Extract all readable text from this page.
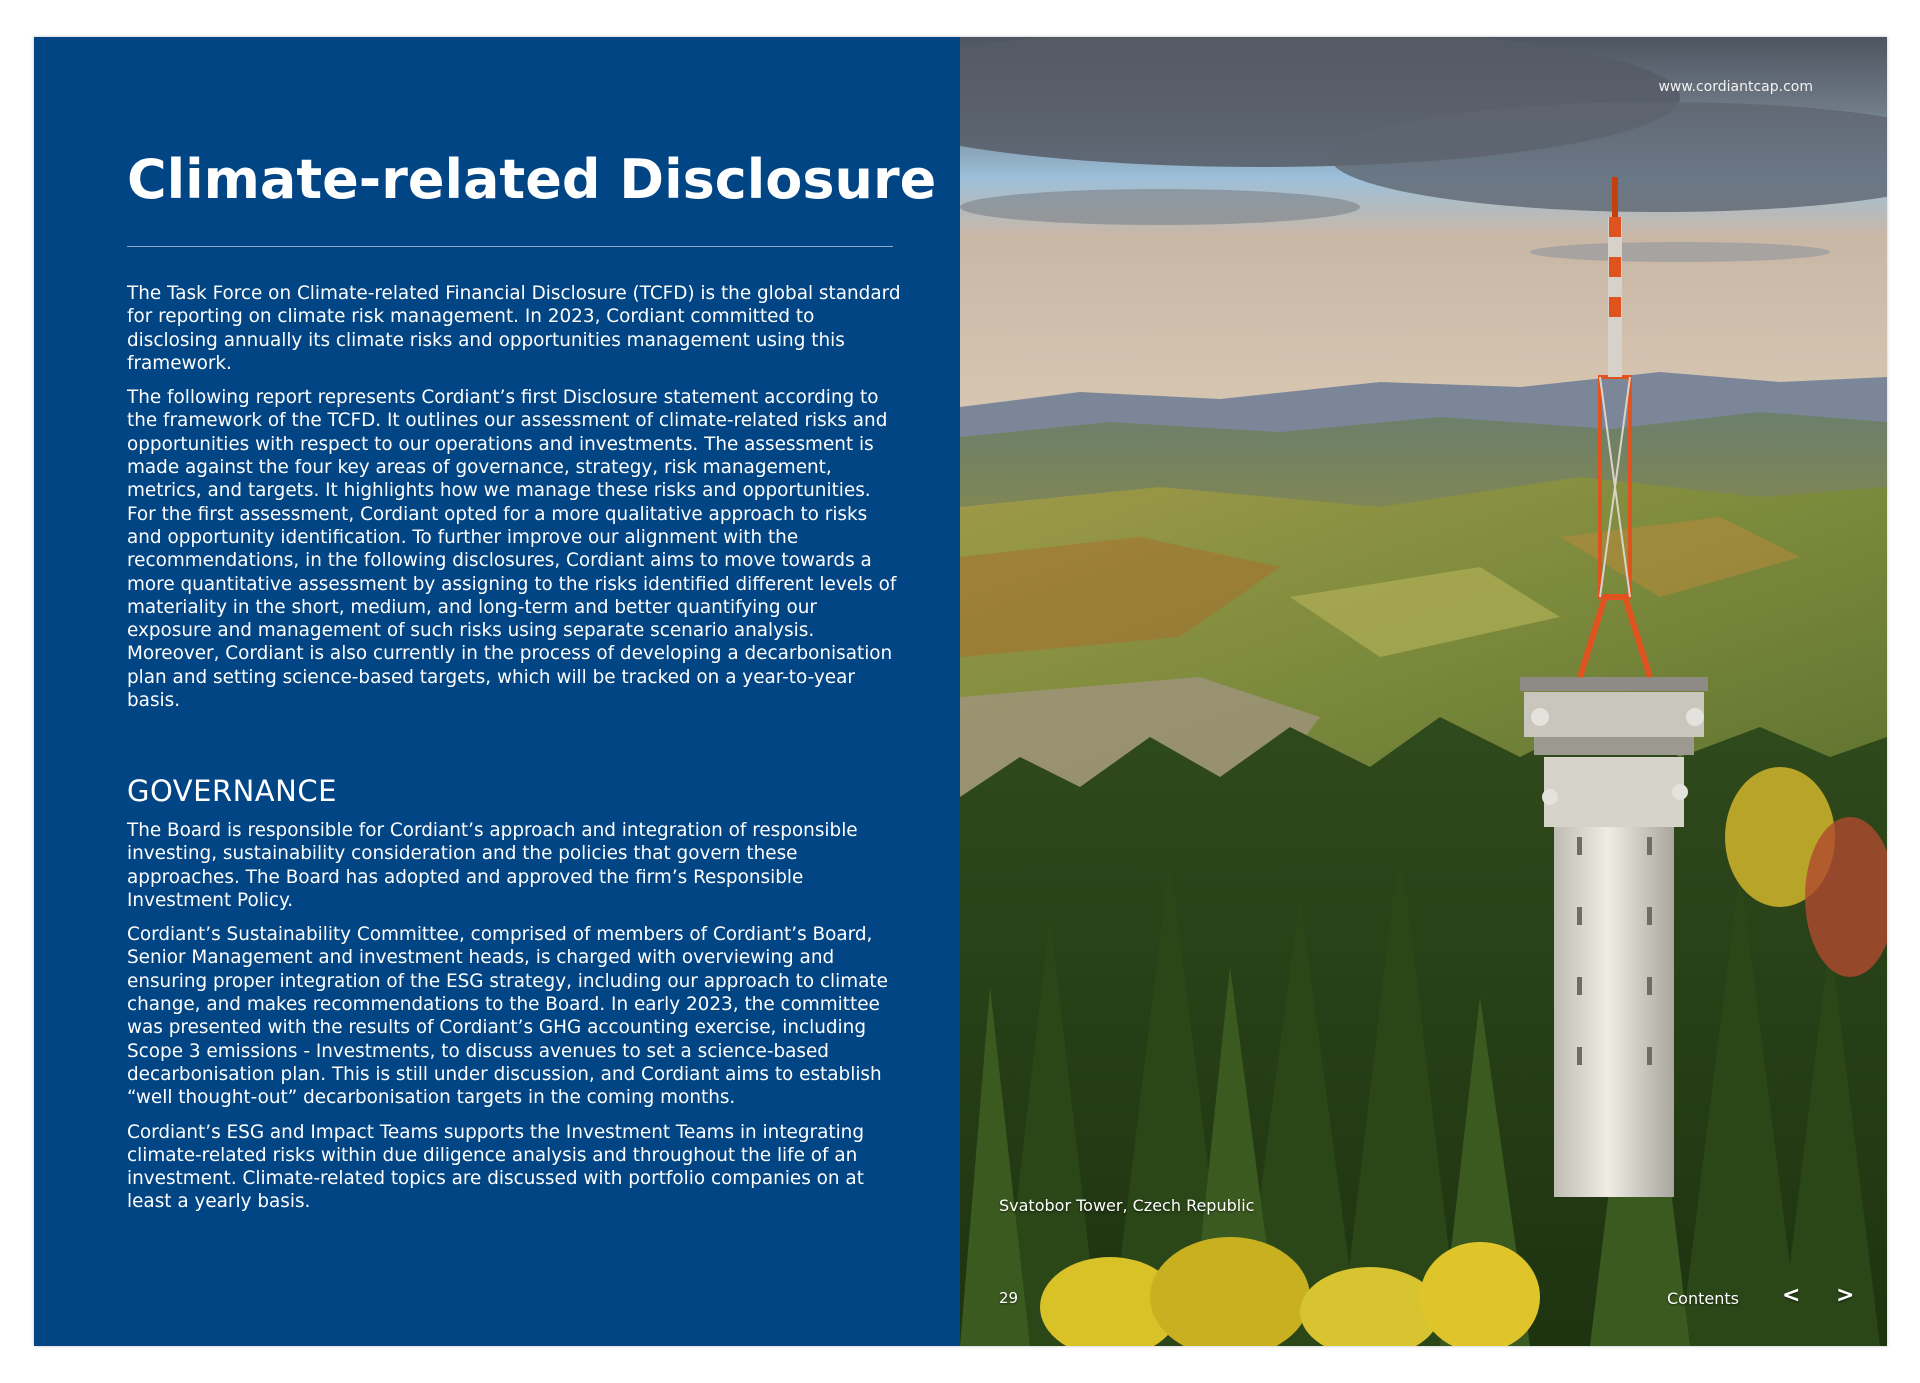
Climate-related Disclosure

The Task Force on Climate-related Financial Disclosure (TCFD) is the global standard for reporting on climate risk management. In 2023, Cordiant committed to disclosing annually its climate risks and opportunities management using this framework.

The following report represents Cordiant’s first Disclosure statement according to the framework of the TCFD. It outlines our assessment of climate-related risks and opportunities with respect to our operations and investments. The assessment is made against the four key areas of governance, strategy, risk management, metrics, and targets. It highlights how we manage these risks and opportunities. For the first assessment, Cordiant opted for a more qualitative approach to risks and opportunity identification. To further improve our alignment with the recommendations, in the following disclosures, Cordiant aims to move towards a more quantitative assessment by assigning to the risks identified different levels of materiality in the short, medium, and long-term and better quantifying our exposure and management of such risks using separate scenario analysis. Moreover, Cordiant is also currently in the process of developing a decarbonisation plan and setting science-based targets, which will be tracked on a year-to-year basis.

GOVERNANCE

The Board is responsible for Cordiant’s approach and integration of responsible investing, sustainability consideration and the policies that govern these approaches. The Board has adopted and approved the firm’s Responsible Investment Policy.

Cordiant’s Sustainability Committee, comprised of members of Cordiant’s Board, Senior Management and investment heads, is charged with overviewing and ensuring proper integration of the ESG strategy, including our approach to climate change, and makes recommendations to the Board. In early 2023, the committee was presented with the results of Cordiant’s GHG accounting exercise, including Scope 3 emissions - Investments, to discuss avenues to set a science-based decarbonisation plan. This is still under discussion, and Cordiant aims to establish “well thought-out” decarbonisation targets in the coming months.

Cordiant’s ESG and Impact Teams supports the Investment Teams in integrating climate-related risks within due diligence analysis and throughout the life of an investment. Climate-related topics are discussed with portfolio companies on at least a yearly basis.

www.cordiantcap.com
Svatobor Tower, Czech Republic
29	Contents < >
